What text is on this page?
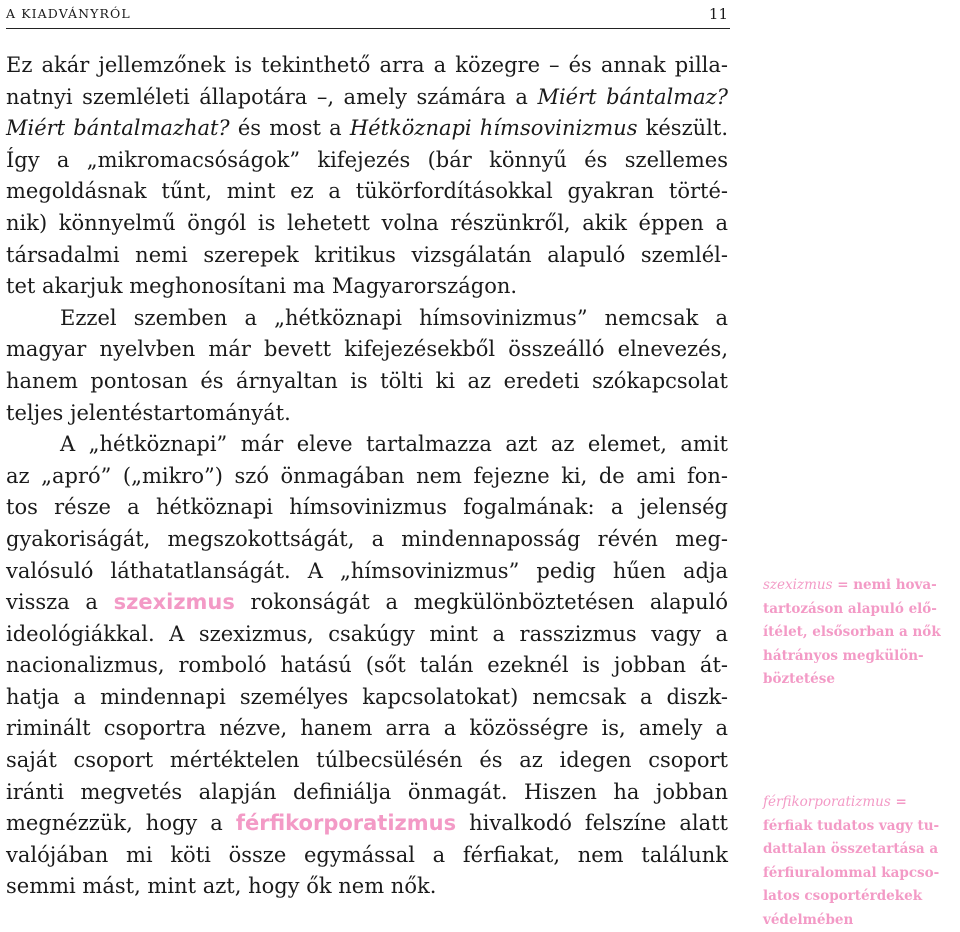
A KIADVÁNYRÓL	11
Ez akár jellemzőnek is tekinthető arra a közegre – és annak pilla-
natnyi szemléleti állapotára –, amely számára a Miért bántalmaz?
Miért bántalmazhat? és most a Hétköznapi hímsovinizmus készült.
Így a „mikromacsóságok” kifejezés (bár könnyű és szellemes
megoldásnak tűnt, mint ez a tükörfordításokkal gyakran törté-
nik) könnyelmű öngól is lehetett volna részünkről, akik éppen a
társadalmi nemi szerepek kritikus vizsgálatán alapuló szemlél-
tet akarjuk meghonosítani ma Magyarországon.
Ezzel szemben a „hétköznapi hímsovinizmus” nemcsak a
magyar nyelvben már bevett kifejezésekből összeálló elnevezés,
hanem pontosan és árnyaltan is tölti ki az eredeti szókapcsolat
teljes jelentéstartományát.
A „hétköznapi” már eleve tartalmazza azt az elemet, amit
az „apró” („mikro”) szó önmagában nem fejezne ki, de ami fon-
tos része a hétköznapi hímsovinizmus fogalmának: a jelenség
gyakoriságát, megszokottságát, a mindennaposság révén meg-
valósuló láthatatlanságát. A „hímsovinizmus” pedig hűen adja
vissza a szexizmus rokonságát a megkülönböztetésen alapuló
ideológiákkal. A szexizmus, csakúgy mint a rasszizmus vagy a
nacionalizmus, romboló hatású (sőt talán ezeknél is jobban át-
hatja a mindennapi személyes kapcsolatokat) nemcsak a diszk-
riminált csoportra nézve, hanem arra a közösségre is, amely a
saját csoport mértéktelen túlbecsülésén és az idegen csoport
iránti megvetés alapján definiálja önmagát. Hiszen ha jobban
megnézzük, hogy a férfikorporatizmus hivalkodó felszíne alatt
valójában mi köti össze egymással a férfiakat, nem találunk
semmi mást, mint azt, hogy ők nem nők.
szexizmus = nemi hova-
tartozáson alapuló elő-
ítélet, elsősorban a nők
hátrányos megkülön-
böztetése
férfikorporatizmus =
férfiak tudatos vagy tu-
dattalan összetartása a
férfiuralommal kapcso-
latos csoportérdekek
védelmében
